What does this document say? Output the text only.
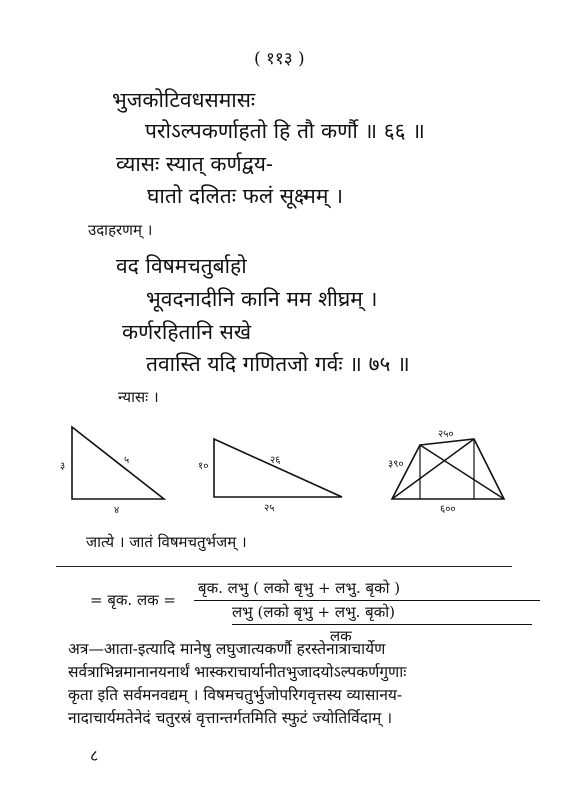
( ११३ )
भुजकोटिवधसमासः
परोऽल्पकर्णाहतो हि तौ कर्णौ ॥ ६६ ॥
व्यासः स्यात् कर्णद्वय-
घातो दलितः फलं सूक्ष्मम् ।
उदाहरणम् ।
वद विषमचतुर्बाहो
भूवदनादीनि कानि मम शीघ्रम् ।
कर्णरहितानि सखे
तवास्ति यदि गणितजो गर्वः ॥ ७५ ॥
न्यासः ।
३
५
४
१०
२६
२५
२५०
३९०
६००
जात्ये । जातं विषमचतुर्भजम् ।
= बृक. लक =
बृक. लभु ( लको बृभु + लभु. बृको )
लभु (लको बृभु + लभु. बृको)
लक
अत्र—आता-इत्यादि मानेषु लघुजात्यकर्णौ हरस्तेनात्राचार्येण
सर्वत्राभिन्नमानानयनार्थं भास्कराचार्यानीतभुजादयोऽल्पकर्णगुणाः
कृता इति सर्वमनवद्यम् । विषमचतुर्भुजोपरिगवृत्तस्य व्यासानय-
नादाचार्यमतेनेदं चतुरस्रं वृत्तान्तर्गतमिति स्फुटं ज्योतिर्विदाम् ।
८
